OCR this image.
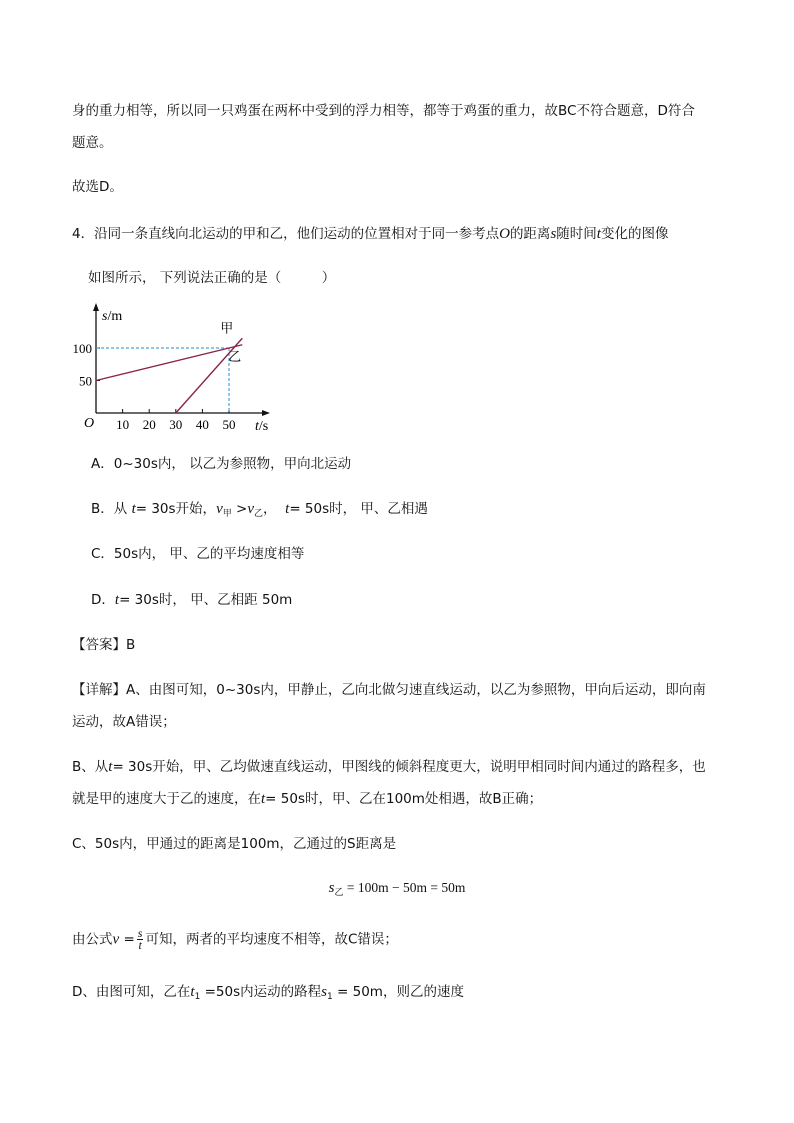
身的重力相等，所以同一只鸡蛋在两杯中受到的浮力相等，都等于鸡蛋的重力，故BC不符合题意，D符合
题意。
故选D。
4．沿同一条直线向北运动的甲和乙，他们运动的位置相对于同一参考点O的距离s随时间t变化的图像
如图所示， 下列说法正确的是（　　　）
s/m
t/s
O 10 20 30 40 50
50
100
甲
乙
A．0~30s内， 以乙为参照物，甲向北运动
B．从 t= 30s开始，$v_甲 >v_乙$， t= 50s时， 甲、乙相遇
C．50s内， 甲、乙的平均速度相等
D．t= 30s时， 甲、乙相距 50m
【答案】B
【详解】A、由图可知，0~30s内，甲静止，乙向北做匀速直线运动，以乙为参照物，甲向后运动，即向南
运动，故A错误；
B、从t= 30s开始，甲、乙均做速直线运动，甲图线的倾斜程度更大，说明甲相同时间内通过的路程多，也
就是甲的速度大于乙的速度，在t= 50s时，甲、乙在100m处相遇，故B正确；
C、50s内，甲通过的距离是100m，乙通过的S距离是
$s_乙 = 100m - 50m = 50m$
由公式$v = \frac{s}{t}$ 可知，两者的平均速度不相等，故C错误；
D、由图可知，乙在$t_1 =50s$内运动的路程$s_1 = 50m$，则乙的速度
